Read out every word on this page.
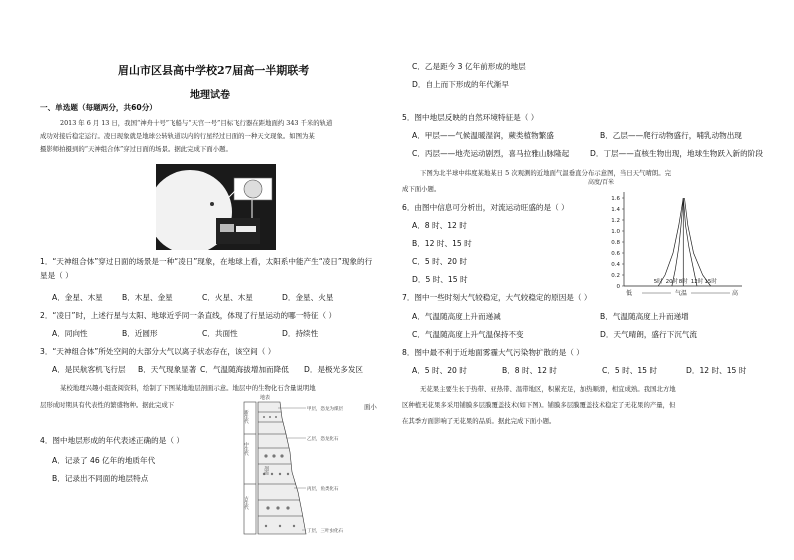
眉山市区县高中学校27届高一半期联考
地理试卷
一、单选题（每题两分，共60分）
2013 年 6 月 13 日，我国“神舟十号”飞船与“天宫一号”目标飞行器在距地面约 343 千米的轨道
成功对接后稳定运行。凌日现象就是地球公转轨道以内的行星经过日面的一种天文现象。如图为某
摄影师拍摄到的“天神组合体”穿过日面的场景。据此完成下面小题。
1．“天神组合体”穿过日面的场景是一种“凌日”现象，在地球上看，太阳系中能产生“凌日”现象的行
星是（ ）
A．金星、木星	B．木星、金星	C．火星、木星	D．金星、火星
2．“凌日”时，上述行星与太阳、地球近乎同一条直线，体现了行星运动的哪一特征（ ）
A．同向性	B．近圆形	C．共面性	D．持续性
3．“天神组合体”所处空间的大部分大气以离子状态存在，该空间（ ）
A．是民航客机飞行层 B．天气现象显著 C．气温随海拔增加而降低 D．是极光多发区
某校地理兴趣小组查阅资料，绘制了下图某地地层剖面示意。地层中的生物化石含量说明地
层形成时期具有代表性的繁盛物种。据此完成下	面小
地表
新生代
中生代
古生代
甲层，恐龙为煤层
乙层，恐龙化石
丙层，鱼类化石
丁层，三叶虫化石
剖面
4．图中地层形成的年代表述正确的是（ ）
A．记录了 46 亿年的地质年代
B．记录出不同面的地层特点
C．乙是距今 3 亿年前形成的地层
D．自上而下形成的年代渐早
5．图中地层反映的自然环境特征是（ ）
A．甲层——气候温暖湿润，蕨类植物繁盛	B．乙层——爬行动物盛行，哺乳动物出现
C．丙层——地壳运动剧烈，喜马拉雅山脉隆起	D．丁层——直核生物出现，地球生物跃入新的阶段
下图为北半球中纬度某地某日 5 次观测的近地面气温垂直分布示意图，当日天气晴朗。完
成下面小题。
6．由图中信息可分析出，对流运动旺盛的是（ ）
A．8 时、12 时
B．12 时、15 时
C．5 时、20 时
D．5 时、15 时
高度/百米
0
0.2
0.4
0.6
0.8
1.0
1.2
1.4
1.6
5时 20时 8时 12时 15时
低	气温	高
7．图中一些时刻大气较稳定，大气较稳定的原因是（ ）
A．气温随高度上升而递减	B．气温随高度上升而递增
C．气温随高度上升气温保持不变	D．天气晴朗，盛行下沉气流
8．图中最不利于近地面雾霾大气污染物扩散的是（ ）
A．5 时、20 时	B．8 时、12 时	C．5 时、15 时	D．12 时、15 时
无花果主要生长于热带、亚热带、温带地区，积累充足，加热顺滑，相宜成熟。我国北方地
区种植无花果多采用铺膜多层膜覆盖技术(如下图)。铺膜多层膜覆盖技术稳定了无花果的产量，但
在其季方面影响了无花果的品质。据此完成下面小题。
